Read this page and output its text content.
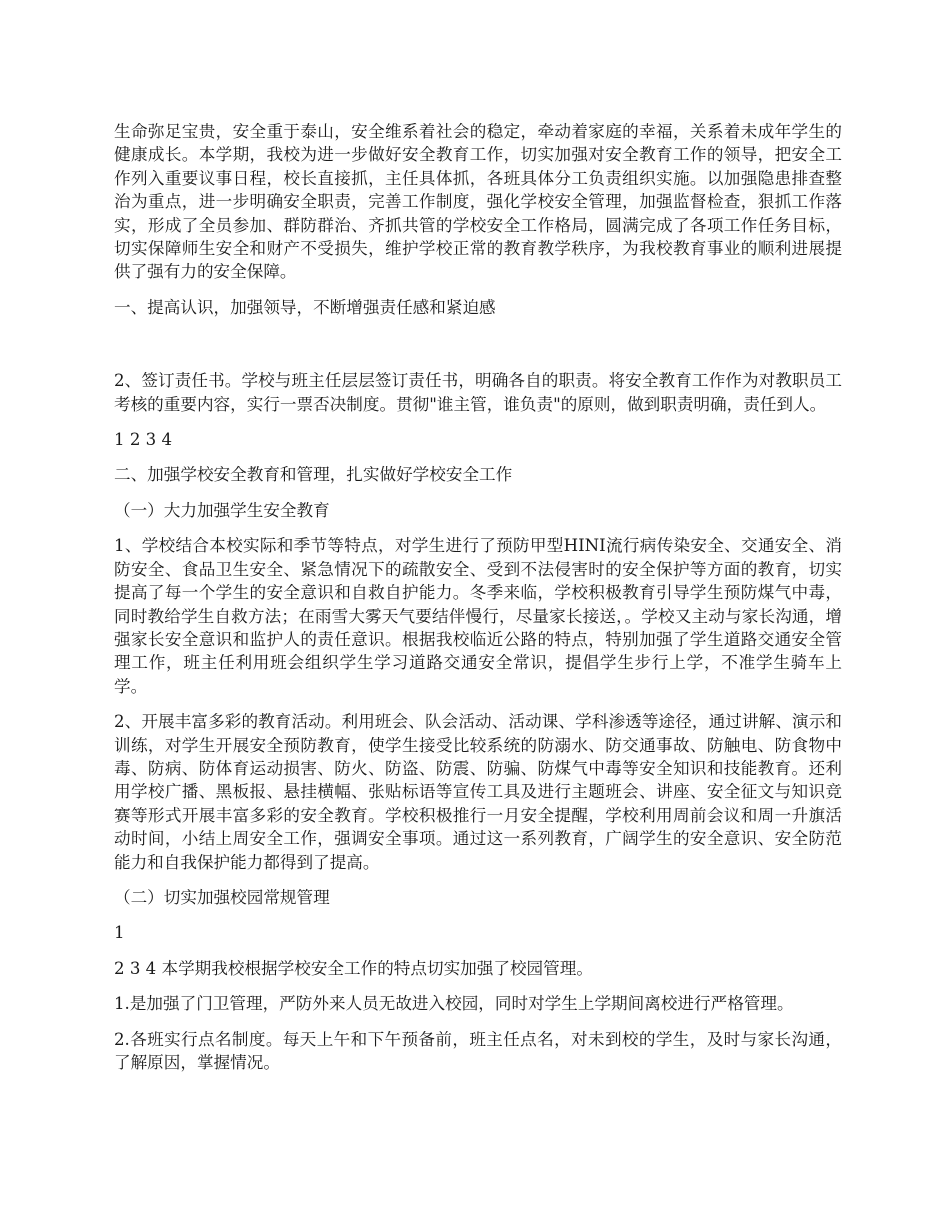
生命弥足宝贵，安全重于泰山，安全维系着社会的稳定，牵动着家庭的幸福，关系着未成年学生的健康成长。本学期，我校为进一步做好安全教育工作，切实加强对安全教育工作的领导，把安全工作列入重要议事日程，校长直接抓，主任具体抓，各班具体分工负责组织实施。以加强隐患排查整治为重点，进一步明确安全职责，完善工作制度，强化学校安全管理，加强监督检查，狠抓工作落实，形成了全员参加、群防群治、齐抓共管的学校安全工作格局，圆满完成了各项工作任务目标，切实保障师生安全和财产不受损失，维护学校正常的教育教学秩序，为我校教育事业的顺利进展提供了强有力的安全保障。

一、提高认识，加强领导，不断增强责任感和紧迫感

2、签订责任书。学校与班主任层层签订责任书，明确各自的职责。将安全教育工作作为对教职员工考核的重要内容，实行一票否决制度。贯彻"谁主管，谁负责"的原则，做到职责明确，责任到人。

1 2 3 4

二、加强学校安全教育和管理，扎实做好学校安全工作

（一）大力加强学生安全教育

1、学校结合本校实际和季节等特点，对学生进行了预防甲型HINI流行病传染安全、交通安全、消防安全、食品卫生安全、紧急情况下的疏散安全、受到不法侵害时的安全保护等方面的教育，切实提高了每一个学生的安全意识和自救自护能力。冬季来临，学校积极教育引导学生预防煤气中毒，同时教给学生自救方法；在雨雪大雾天气要结伴慢行，尽量家长接送，。学校又主动与家长沟通，增强家长安全意识和监护人的责任意识。根据我校临近公路的特点，特别加强了学生道路交通安全管理工作，班主任利用班会组织学生学习道路交通安全常识，提倡学生步行上学，不准学生骑车上学。

2、开展丰富多彩的教育活动。利用班会、队会活动、活动课、学科渗透等途径，通过讲解、演示和训练，对学生开展安全预防教育，使学生接受比较系统的防溺水、防交通事故、防触电、防食物中毒、防病、防体育运动损害、防火、防盗、防震、防骗、防煤气中毒等安全知识和技能教育。还利用学校广播、黑板报、悬挂横幅、张贴标语等宣传工具及进行主题班会、讲座、安全征文与知识竞赛等形式开展丰富多彩的安全教育。学校积极推行一月安全提醒，学校利用周前会议和周一升旗活动时间，小结上周安全工作，强调安全事项。通过这一系列教育，广阔学生的安全意识、安全防范能力和自我保护能力都得到了提高。

（二）切实加强校园常规管理

1

2 3 4 本学期我校根据学校安全工作的特点切实加强了校园管理。

1.是加强了门卫管理，严防外来人员无故进入校园，同时对学生上学期间离校进行严格管理。

2.各班实行点名制度。每天上午和下午预备前，班主任点名，对未到校的学生，及时与家长沟通，了解原因，掌握情况。
